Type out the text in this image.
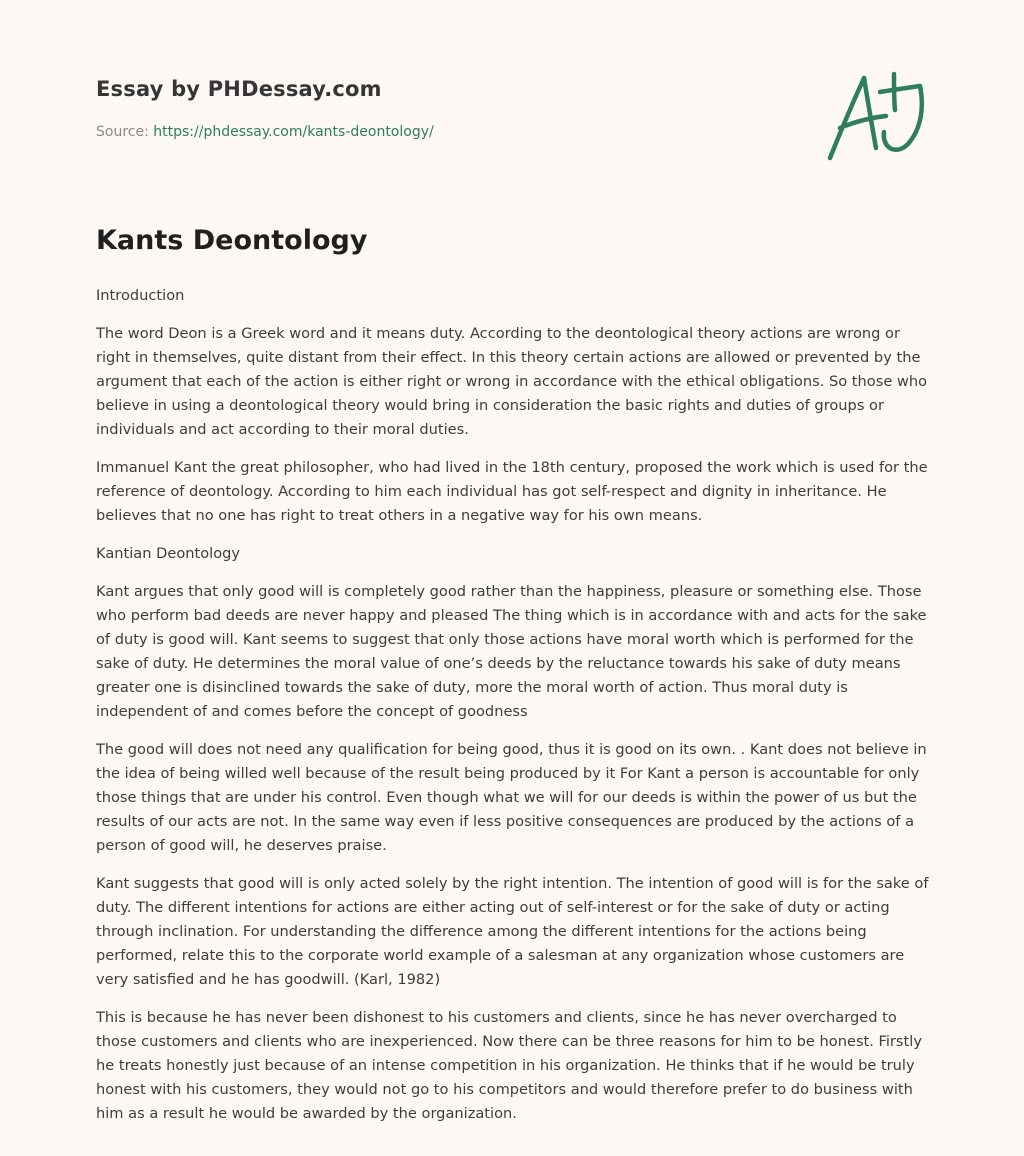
Essay by PHDessay.com

Source: https://phdessay.com/kants-deontology/

Kants Deontology

Introduction

The word Deon is a Greek word and it means duty. According to the deontological theory actions are wrong or right in themselves, quite distant from their effect. In this theory certain actions are allowed or prevented by the argument that each of the action is either right or wrong in accordance with the ethical obligations. So those who believe in using a deontological theory would bring in consideration the basic rights and duties of groups or individuals and act according to their moral duties.

Immanuel Kant the great philosopher, who had lived in the 18th century, proposed the work which is used for the reference of deontology. According to him each individual has got self-respect and dignity in inheritance. He believes that no one has right to treat others in a negative way for his own means.

Kantian Deontology

Kant argues that only good will is completely good rather than the happiness, pleasure or something else. Those who perform bad deeds are never happy and pleased The thing which is in accordance with and acts for the sake of duty is good will. Kant seems to suggest that only those actions have moral worth which is performed for the sake of duty. He determines the moral value of one’s deeds by the reluctance towards his sake of duty means greater one is disinclined towards the sake of duty, more the moral worth of action. Thus moral duty is independent of and comes before the concept of goodness

The good will does not need any qualification for being good, thus it is good on its own. . Kant does not believe in the idea of being willed well because of the result being produced by it For Kant a person is accountable for only those things that are under his control. Even though what we will for our deeds is within the power of us but the results of our acts are not. In the same way even if less positive consequences are produced by the actions of a person of good will, he deserves praise.

Kant suggests that good will is only acted solely by the right intention. The intention of good will is for the sake of duty. The different intentions for actions are either acting out of self-interest or for the sake of duty or acting through inclination. For understanding the difference among the different intentions for the actions being performed, relate this to the corporate world example of a salesman at any organization whose customers are very satisfied and he has goodwill. (Karl, 1982)

This is because he has never been dishonest to his customers and clients, since he has never overcharged to those customers and clients who are inexperienced. Now there can be three reasons for him to be honest. Firstly he treats honestly just because of an intense competition in his organization. He thinks that if he would be truly honest with his customers, they would not go to his competitors and would therefore prefer to do business with him as a result he would be awarded by the organization.
